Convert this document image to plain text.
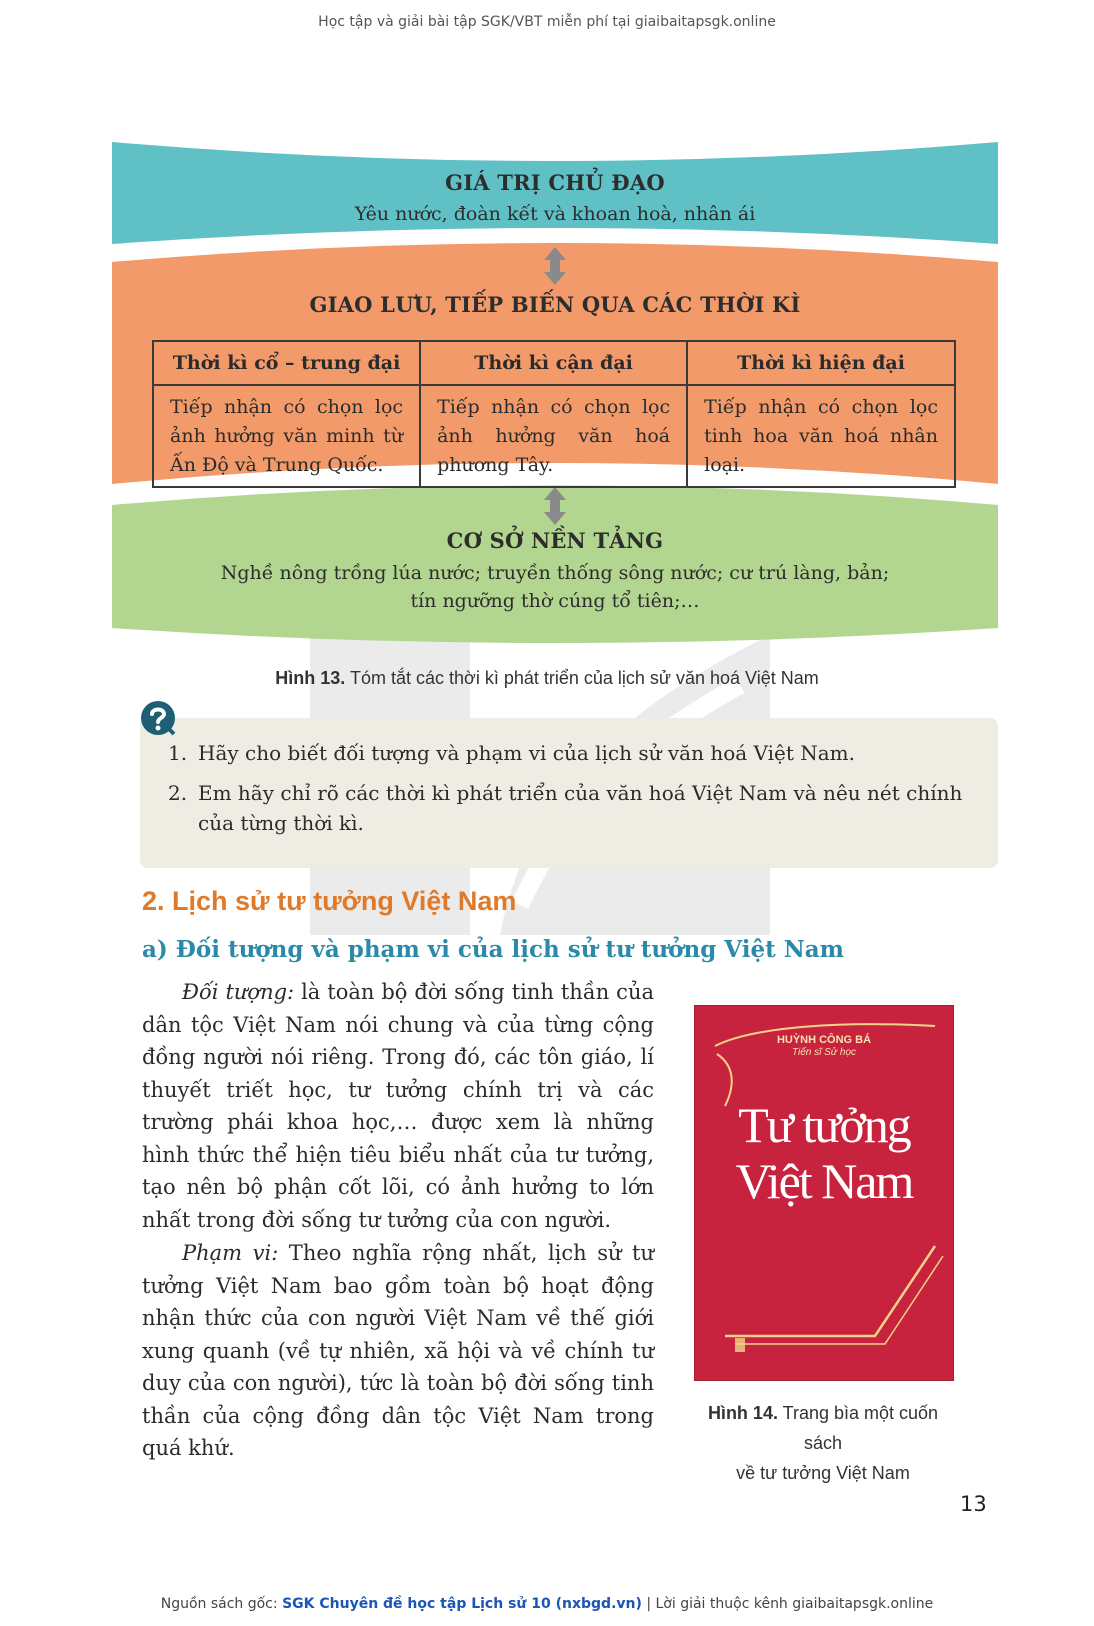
Học tập và giải bài tập SGK/VBT miễn phí tại giaibaitapsgk.online
GIÁ TRỊ CHỦ ĐẠO
Yêu nước, đoàn kết và khoan hoà, nhân ái
GIAO LƯU, TIẾP BIẾN QUA CÁC THỜI KÌ
Thời kì cổ – trung đại	Thời kì cận đại	Thời kì hiện đại
Tiếp nhận có chọn lọc ảnh hưởng văn minh từ Ấn Độ và Trung Quốc.	Tiếp nhận có chọn lọc ảnh hưởng văn hoá phương Tây.	Tiếp nhận có chọn lọc tinh hoa văn hoá nhân loại.
CƠ SỞ NỀN TẢNG
Nghề nông trồng lúa nước; truyền thống sông nước; cư trú làng, bản;
tín ngưỡng thờ cúng tổ tiên;…
Hình 13. Tóm tắt các thời kì phát triển của lịch sử văn hoá Việt Nam
1. Hãy cho biết đối tượng và phạm vi của lịch sử văn hoá Việt Nam.
2. Em hãy chỉ rõ các thời kì phát triển của văn hoá Việt Nam và nêu nét chính của từng thời kì.
2. Lịch sử tư tưởng Việt Nam
a) Đối tượng và phạm vi của lịch sử tư tưởng Việt Nam
Đối tượng: là toàn bộ đời sống tinh thần của dân tộc Việt Nam nói chung và của từng cộng đồng người nói riêng. Trong đó, các tôn giáo, lí thuyết triết học, tư tưởng chính trị và các trường phái khoa học,… được xem là những hình thức thể hiện tiêu biểu nhất của tư tưởng, tạo nên bộ phận cốt lõi, có ảnh hưởng to lớn nhất trong đời sống tư tưởng của con người.
Phạm vi: Theo nghĩa rộng nhất, lịch sử tư tưởng Việt Nam bao gồm toàn bộ hoạt động nhận thức của con người Việt Nam về thế giới xung quanh (về tự nhiên, xã hội và về chính tư duy của con người), tức là toàn bộ đời sống tinh thần của cộng đồng dân tộc Việt Nam trong quá khứ.
HUỲNH CÔNG BÁ
Tiến sĩ Sử học
Tư tưởng
Việt Nam
Hình 14. Trang bìa một cuốn sách
về tư tưởng Việt Nam
13
Nguồn sách gốc: SGK Chuyên đề học tập Lịch sử 10 (nxbgd.vn) | Lời giải thuộc kênh giaibaitapsgk.online
